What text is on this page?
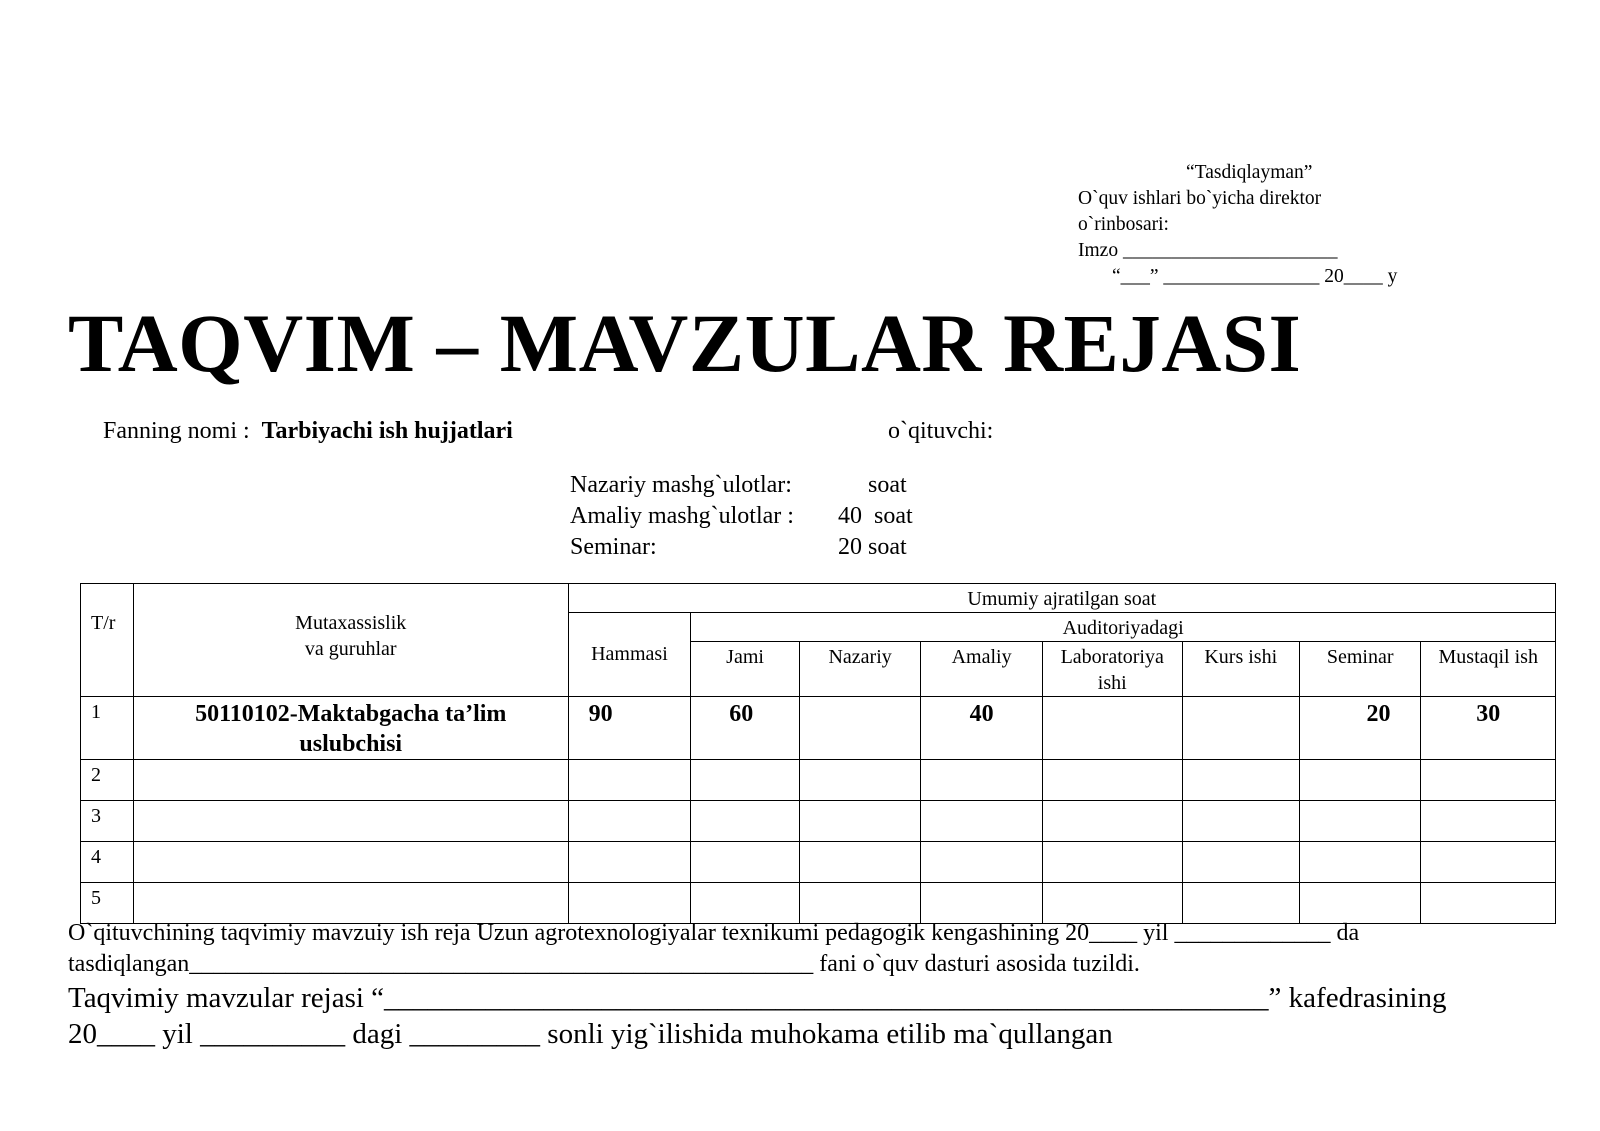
“Tasdiqlayman”
O`quv ishlari bo`yicha direktor
o`rinbosari:
Imzo ______________________
“___” ________________ 20____ y
TAQVIM – MAVZULAR REJASI
Fanning nomi : Tarbiyachi ish hujjatlari	o`qituvchi:
Nazariy mashg`ulotlar: soat
Amaliy mashg`ulotlar : 40  soat
Seminar:	20 soat
T/r	Mutaxassislik va guruhlar	Umumiy ajratilgan soat							
		Hammasi	Auditoriyadagi						
			Jami	Nazariy	Amaliy	Laboratoriya ishi	Kurs ishi	Seminar	Mustaqil ish
1	50110102-Maktabgacha ta’lim uslubchisi	90	60		40			20	30
2									
3									
4									
5									
O`qituvchining taqvimiy mavzuiy ish reja Uzun agrotexnologiyalar texnikumi pedagogik kengashining 20____ yil _____________ da
tasdiqlangan____________________________________________________ fani o`quv dasturi asosida tuzildi.
Taqvimiy mavzular rejasi “_____________________________________________________________” kafedrasining
20____ yil __________ dagi _________ sonli yig`ilishida muhokama etilib ma`qullangan
